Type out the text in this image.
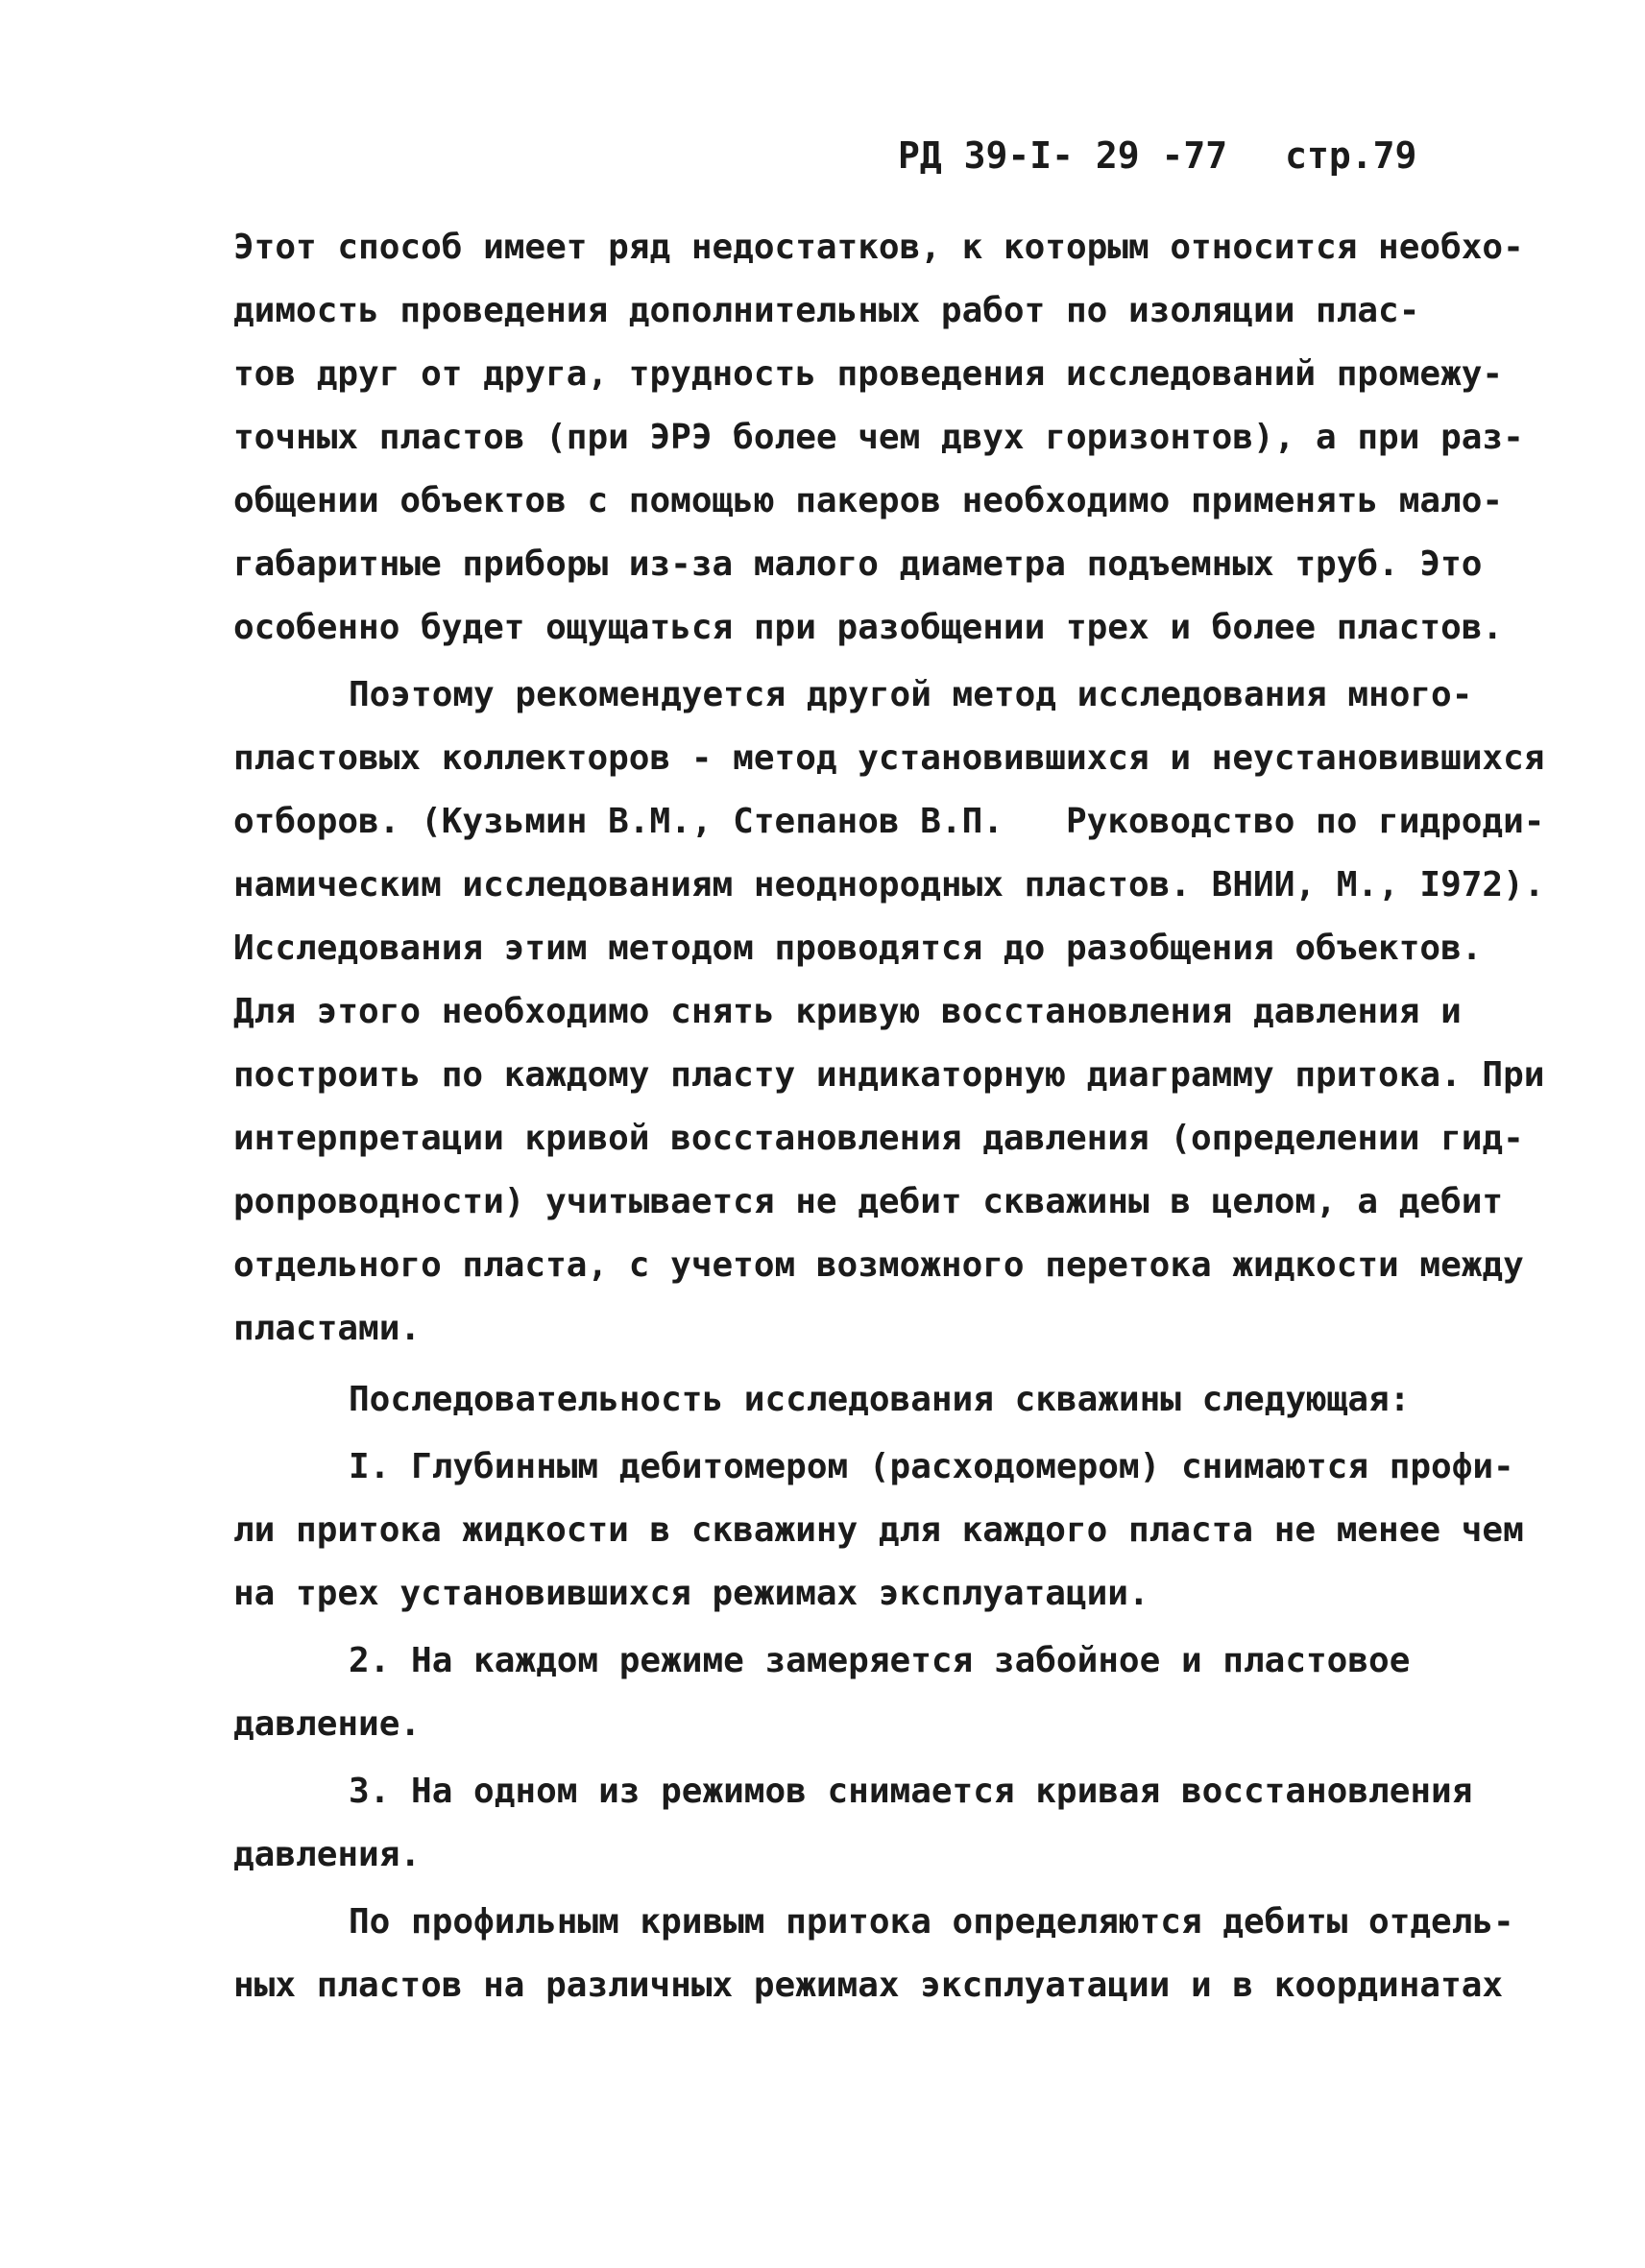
РД 39-I- 29 -77 стр.79
Этот способ имеет ряд недостатков, к которым относится необхо-
димость проведения дополнительных работ по изоляции плас-
тов друг от друга, трудность проведения исследований промежу-
точных пластов (при ЭРЭ более чем двух горизонтов), а при раз-
общении объектов с помощью пакеров необходимо применять мало-
габаритные приборы из-за малого диаметра подъемных труб. Это
особенно будет ощущаться при разобщении трех и более пластов.
Поэтому рекомендуется другой метод исследования много-
пластовых коллекторов - метод установившихся и неустановившихся
отборов. (Кузьмин В.М., Степанов В.П.   Руководство по гидроди-
намическим исследованиям неоднородных пластов. ВНИИ, М., I972).
Исследования этим методом проводятся до разобщения объектов.
Для этого необходимо снять кривую восстановления давления и
построить по каждому пласту индикаторную диаграмму притока. При
интерпретации кривой восстановления давления (определении гид-
ропроводности) учитывается не дебит скважины в целом, а дебит
отдельного пласта, с учетом возможного перетока жидкости между
пластами.
Последовательность исследования скважины следующая:
I. Глубинным дебитомером (расходомером) снимаются профи-
ли притока жидкости в скважину для каждого пласта не менее чем
на трех установившихся режимах эксплуатации.
2. На каждом режиме замеряется забойное и пластовое
давление.
3. На одном из режимов снимается кривая восстановления
давления.
По профильным кривым притока определяются дебиты отдель-
ных пластов на различных режимах эксплуатации и в координатах
